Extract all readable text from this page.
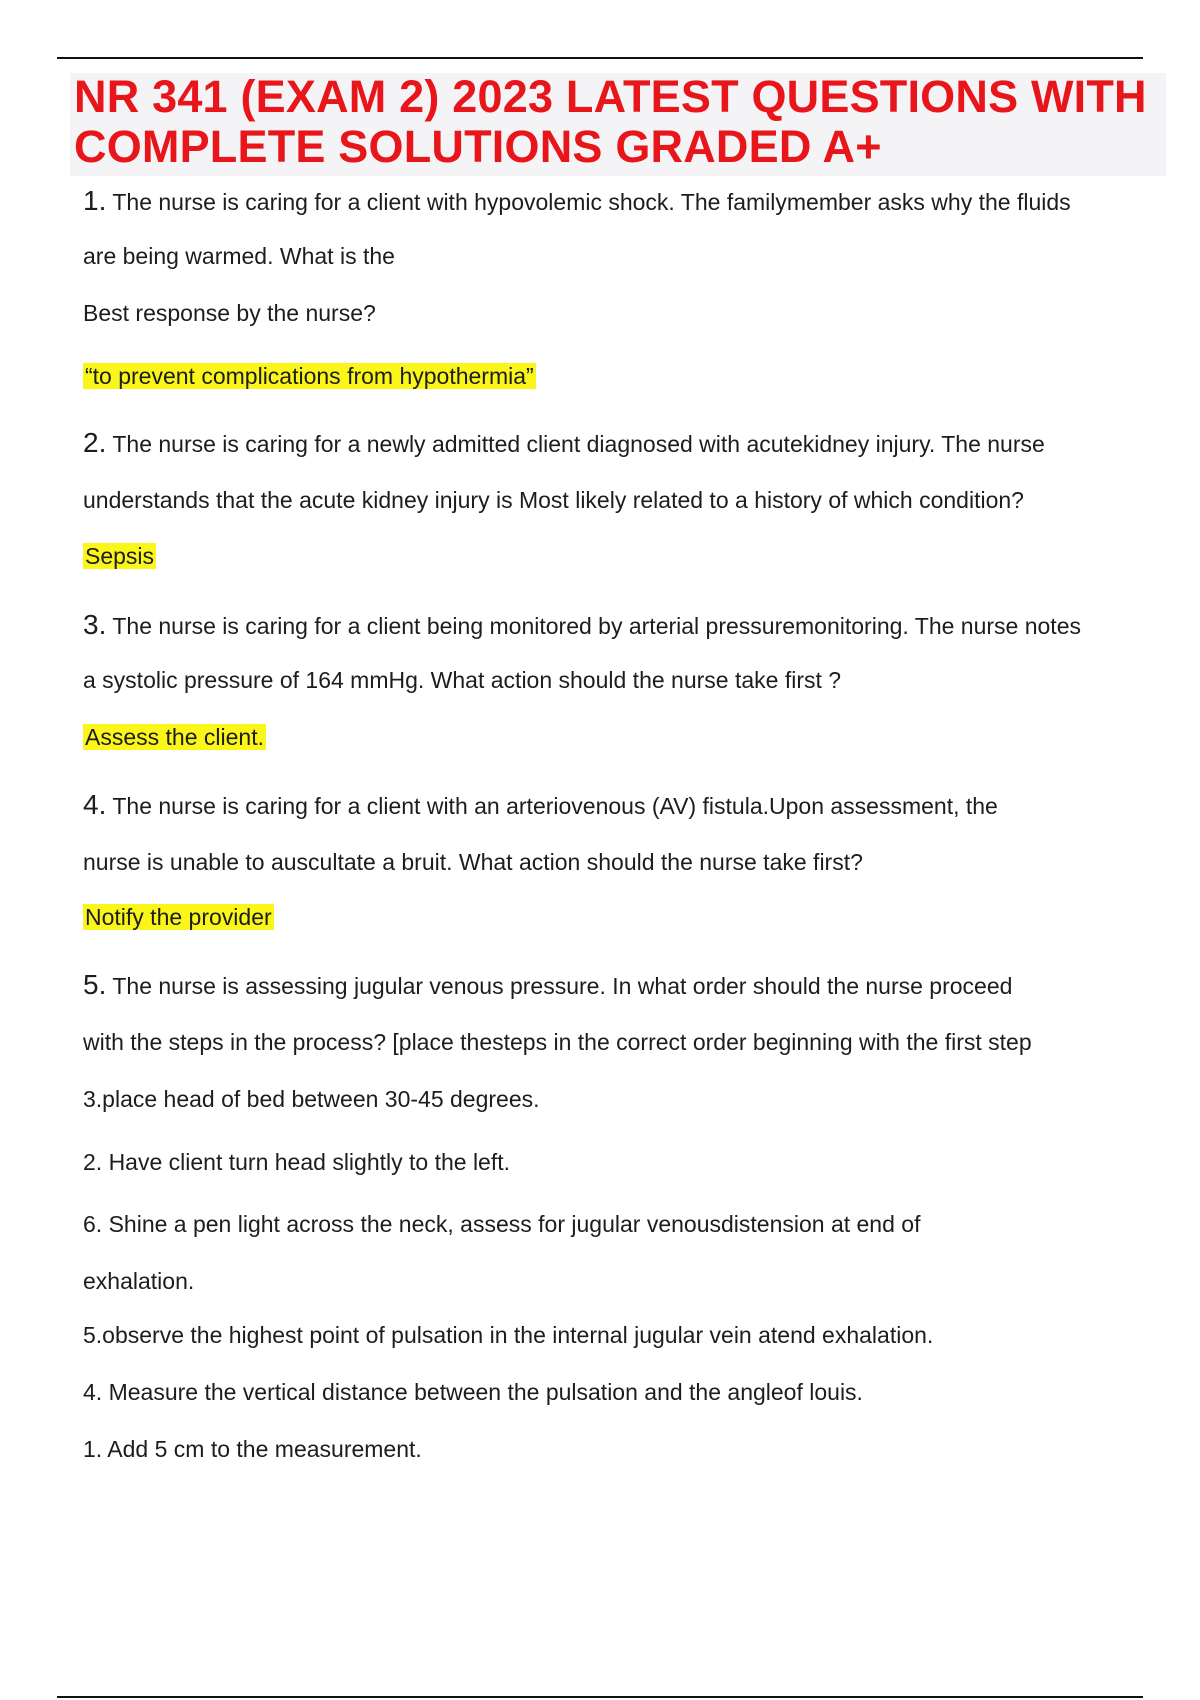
NR 341 (EXAM 2) 2023 LATEST QUESTIONS WITH
COMPLETE SOLUTIONS GRADED A+
1. The nurse is caring for a client with hypovolemic shock. The familymember asks why the fluids
are being warmed. What is the
Best response by the nurse?
“to prevent complications from hypothermia”
2. The nurse is caring for a newly admitted client diagnosed with acutekidney injury. The nurse
understands that the acute kidney injury is Most likely related to a history of which condition?
Sepsis
3. The nurse is caring for a client being monitored by arterial pressuremonitoring. The nurse notes
a systolic pressure of 164 mmHg. What action should the nurse take first ?
Assess the client.
4. The nurse is caring for a client with an arteriovenous (AV) fistula.Upon assessment, the
nurse is unable to auscultate a bruit. What action should the nurse take first?
Notify the provider
5. The nurse is assessing jugular venous pressure. In what order should the nurse proceed
with the steps in the process? [place thesteps in the correct order beginning with the first step
3.place head of bed between 30-45 degrees.
2. Have client turn head slightly to the left.
6. Shine a pen light across the neck, assess for jugular venousdistension at end of
exhalation.
5.observe the highest point of pulsation in the internal jugular vein atend exhalation.
4. Measure the vertical distance between the pulsation and the angleof louis.
1. Add 5 cm to the measurement.
